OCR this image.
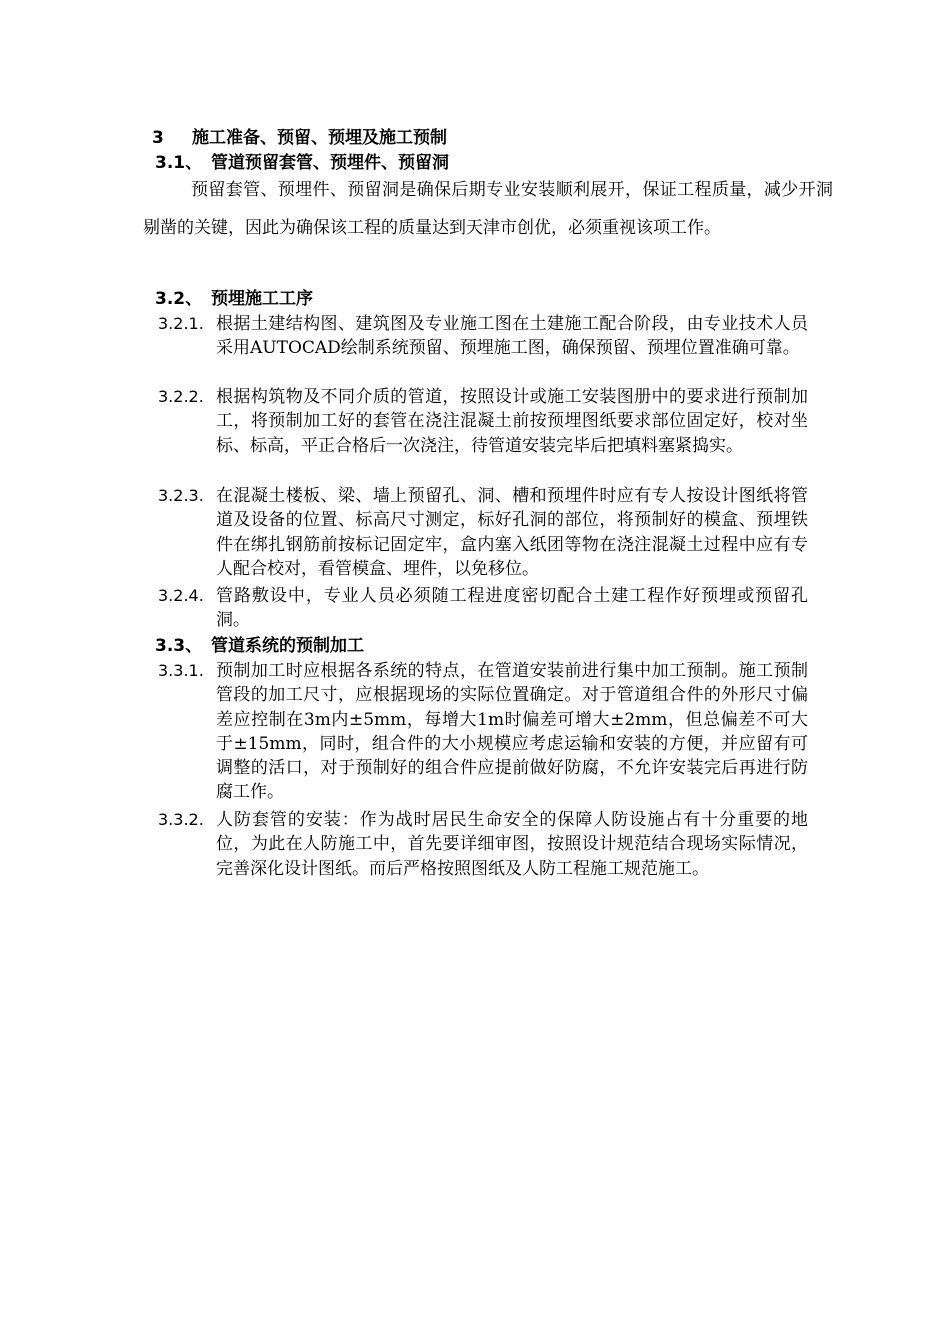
3 施工准备、预留、预埋及施工预制
3.1、 管道预留套管、预埋件、预留洞
预留套管、预埋件、预留洞是确保后期专业安装顺利展开，保证工程质量，减少开洞剔凿的关键，因此为确保该工程的质量达到天津市创优，必须重视该项工作。
3.2、 预埋施工工序
3.2.1. 根据土建结构图、建筑图及专业施工图在土建施工配合阶段，由专业技术人员采用AUTOCAD绘制系统预留、预埋施工图，确保预留、预埋位置准确可靠。
3.2.2. 根据构筑物及不同介质的管道，按照设计或施工安装图册中的要求进行预制加工，将预制加工好的套管在浇注混凝土前按预埋图纸要求部位固定好，校对坐标、标高，平正合格后一次浇注，待管道安装完毕后把填料塞紧捣实。
3.2.3. 在混凝土楼板、梁、墙上预留孔、洞、槽和预埋件时应有专人按设计图纸将管道及设备的位置、标高尺寸测定，标好孔洞的部位，将预制好的模盒、预埋铁件在绑扎钢筋前按标记固定牢，盒内塞入纸团等物在浇注混凝土过程中应有专人配合校对，看管模盒、埋件，以免移位。
3.2.4. 管路敷设中，专业人员必须随工程进度密切配合土建工程作好预埋或预留孔洞。
3.3、 管道系统的预制加工
3.3.1. 预制加工时应根据各系统的特点，在管道安装前进行集中加工预制。施工预制管段的加工尺寸，应根据现场的实际位置确定。对于管道组合件的外形尺寸偏差应控制在3m内±5mm，每增大1m时偏差可增大±2mm，但总偏差不可大于±15mm，同时，组合件的大小规模应考虑运输和安装的方便，并应留有可调整的活口，对于预制好的组合件应提前做好防腐，不允许安装完后再进行防腐工作。
3.3.2. 人防套管的安装：作为战时居民生命安全的保障人防设施占有十分重要的地位，为此在人防施工中，首先要详细审图，按照设计规范结合现场实际情况，完善深化设计图纸。而后严格按照图纸及人防工程施工规范施工。
